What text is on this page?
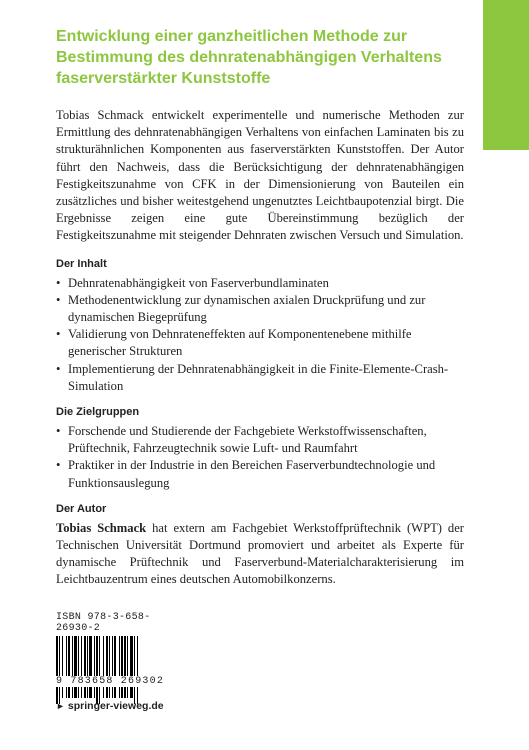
Entwicklung einer ganzheitlichen Methode zur Bestimmung des dehnratenabhängigen Verhaltens faserverstärkter Kunststoffe

Tobias Schmack entwickelt experimentelle und numerische Methoden zur Ermittlung des dehnratenabhängigen Verhaltens von einfachen Laminaten bis zu strukturähnlichen Komponenten aus faserverstärkten Kunststoffen. Der Autor führt den Nachweis, dass die Berücksichtigung der dehnratenabhängigen Festigkeitszunahme von CFK in der Dimensionierung von Bauteilen ein zusätzliches und bisher weitestgehend ungenutztes Leichtbaupotenzial birgt. Die Ergebnisse zeigen eine gute Übereinstimmung bezüglich der Festigkeitszunahme mit steigender Dehnraten zwischen Versuch und Simulation.

Der Inhalt
• Dehnratenabhängigkeit von Faserverbundlaminaten
• Methodenentwicklung zur dynamischen axialen Druckprüfung und zur dynamischen Biegeprüfung
• Validierung von Dehnrateneffekten auf Komponentenebene mithilfe generischer Strukturen
• Implementierung der Dehnratenabhängigkeit in die Finite-Elemente-Crash-Simulation
Die Zielgruppen
• Forschende und Studierende der Fachgebiete Werkstoffwissenschaften, Prüftechnik, Fahrzeugtechnik sowie Luft- und Raumfahrt
• Praktiker in der Industrie in den Bereichen Faserverbundtechnologie und Funktionsauslegung
Der Autor

Tobias Schmack hat extern am Fachgebiet Werkstoffprüftechnik (WPT) der Technischen Universität Dortmund promoviert und arbeitet als Experte für dynamische Prüftechnik und Faserverbund-Materialcharakterisierung im Leichtbauzentrum eines deutschen Automobilkonzerns.

ISBN 978-3-658-26930-2
9 783658 269302
► springer-vieweg.de
